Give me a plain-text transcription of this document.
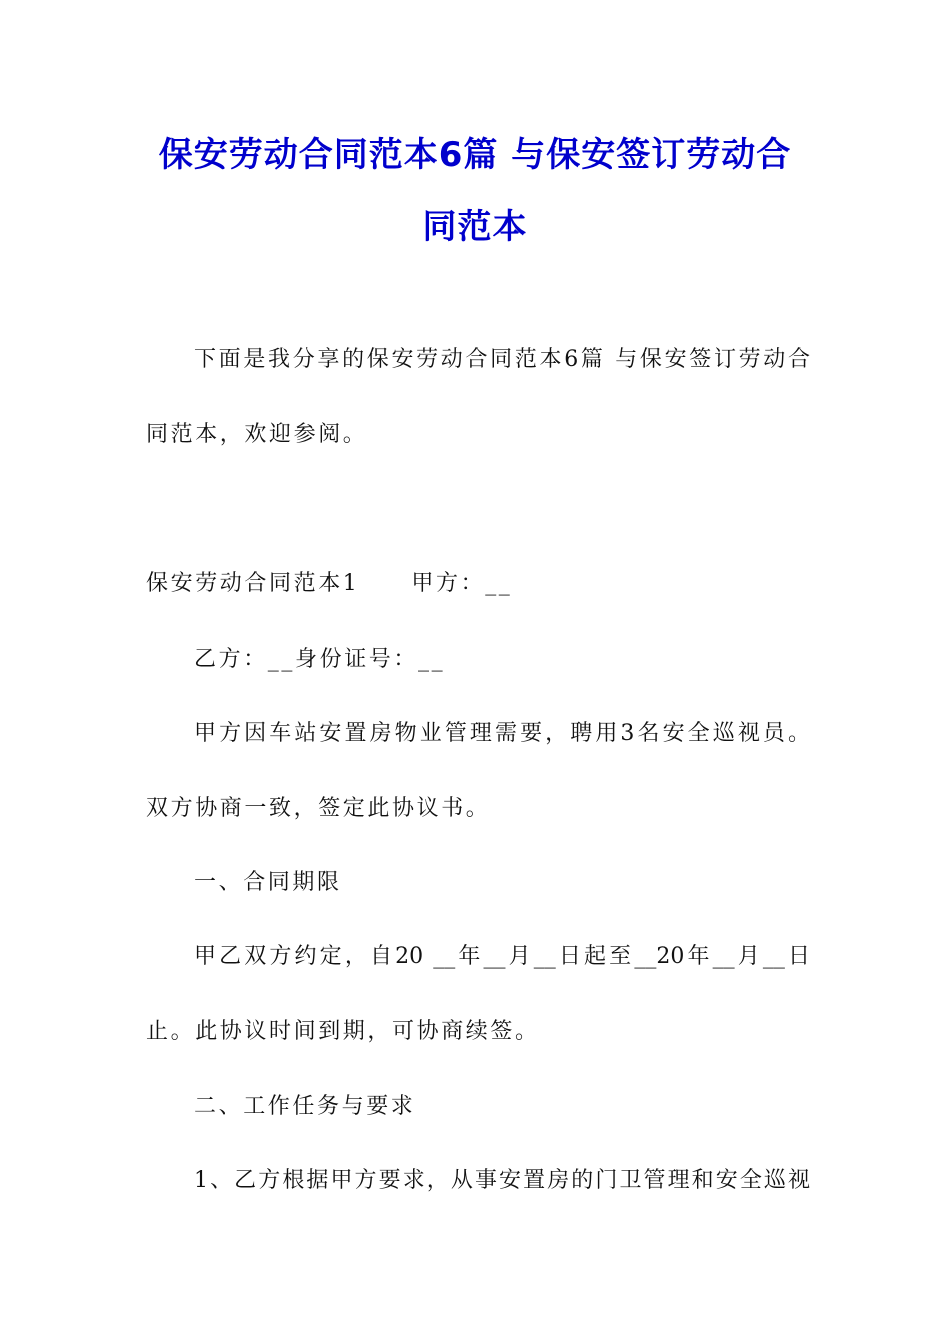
保安劳动合同范本6篇 与保安签订劳动合
同范本

下面是我分享的保安劳动合同范本6篇 与保安签订劳动合

同范本，欢迎参阅。

保安劳动合同范本1 甲方：__

乙方：__身份证号：__

甲方因车站安置房物业管理需要，聘用3名安全巡视员。

双方协商一致，签定此协议书。

一、合同期限

甲乙双方约定，自20 __年__月__日起至__20年__月__日

止。此协议时间到期，可协商续签。

二、工作任务与要求

1、乙方根据甲方要求，从事安置房的门卫管理和安全巡视
